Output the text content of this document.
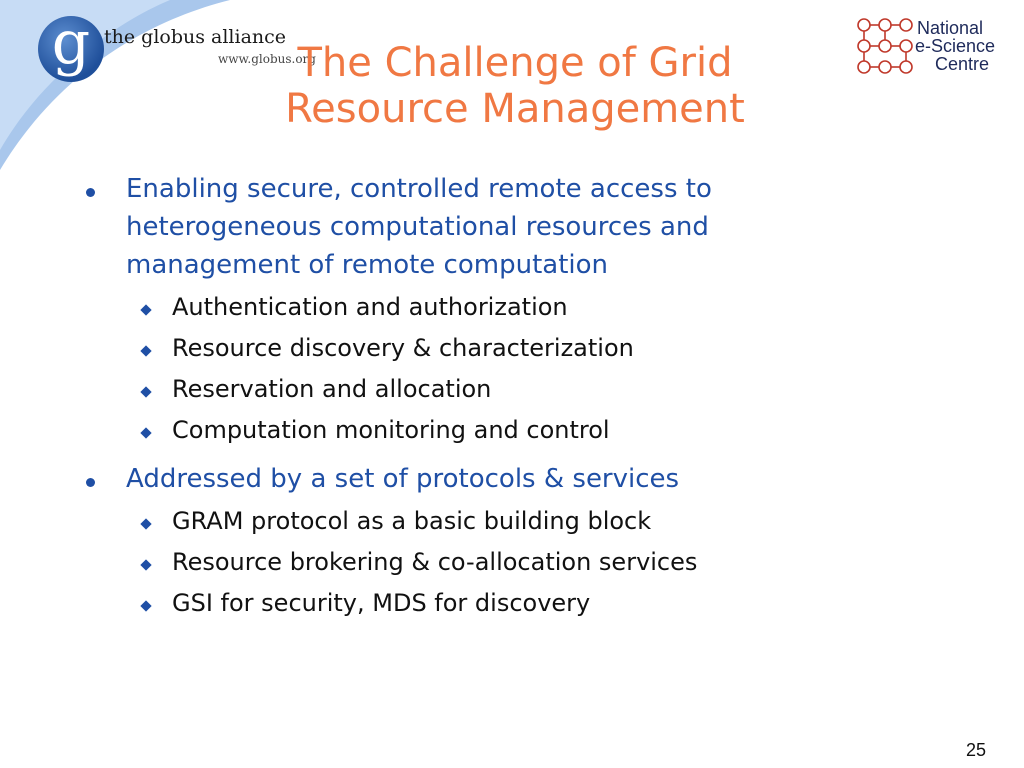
g the globus alliance
www.globus.org
National
e-Science
Centre
The Challenge of Grid
Resource Management
Enabling secure, controlled remote access to heterogeneous computational resources and management of remote computation
Authentication and authorization
Resource discovery & characterization
Reservation and allocation
Computation monitoring and control
Addressed by a set of protocols & services
GRAM protocol as a basic building block
Resource brokering & co-allocation services
GSI for security, MDS for discovery
25
